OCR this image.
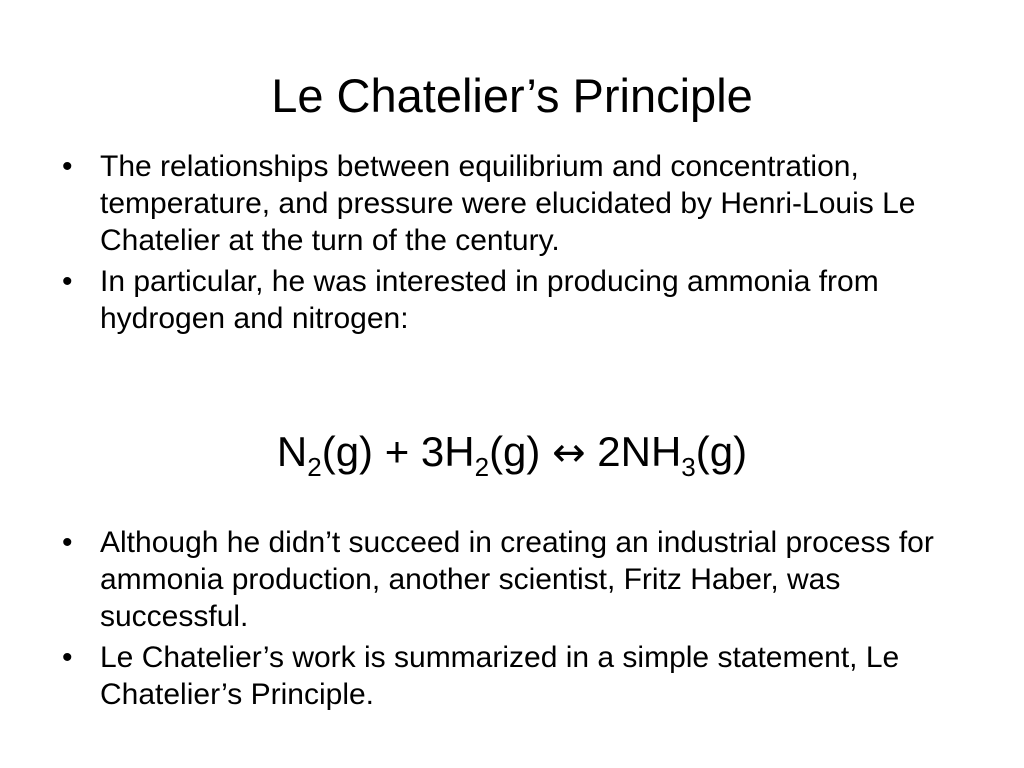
Le Chatelier’s Principle
• The relationships between equilibrium and concentration, temperature, and pressure were elucidated by Henri-Louis Le Chatelier at the turn of the century.
• In particular, he was interested in producing ammonia from hydrogen and nitrogen:
$N_2(g) + 3H_2(g)$ ↔ $2NH_3(g)$
• Although he didn’t succeed in creating an industrial process for ammonia production, another scientist, Fritz Haber, was successful.
• Le Chatelier’s work is summarized in a simple statement, Le Chatelier’s Principle.
